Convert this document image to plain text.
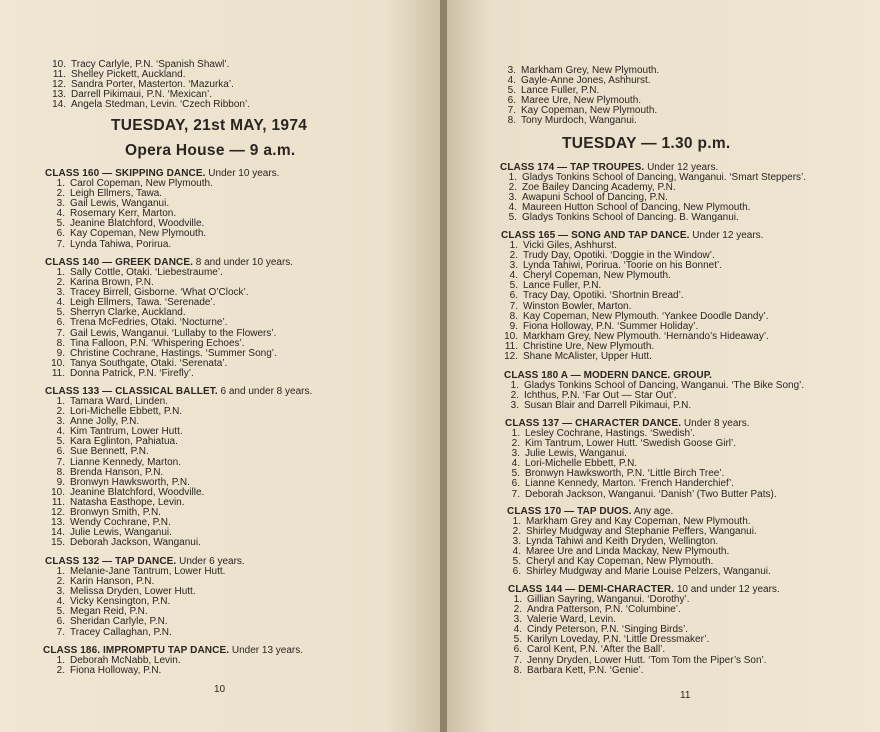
10. Tracy Carlyle, P.N. ‘Spanish Shawl’.
11. Shelley Pickett, Auckland.
12. Sandra Porter, Masterton. ‘Mazurka’.
13. Darrell Pikimaui, P.N. ‘Mexican’.
14. Angela Stedman, Levin. ‘Czech Ribbon’.
TUESDAY, 21st MAY, 1974
Opera House — 9 a.m.
CLASS 160 — SKIPPING DANCE. Under 10 years.
1. Carol Copeman, New Plymouth.
2. Leigh Ellmers, Tawa.
3. Gail Lewis, Wanganui.
4. Rosemary Kerr, Marton.
5. Jeanine Blatchford, Woodville.
6. Kay Copeman, New Plymouth.
7. Lynda Tahiwa, Porirua.
CLASS 140 — GREEK DANCE. 8 and under 10 years.
1. Sally Cottle, Otaki. ‘Liebestraume’.
2. Karina Brown, P.N.
3. Tracey Birrell, Gisborne. ‘What O’Clock’.
4. Leigh Ellmers, Tawa. ‘Serenade’.
5. Sherryn Clarke, Auckland.
6. Trena McFedries, Otaki. ‘Nocturne’.
7. Gail Lewis, Wanganui. ‘Lullaby to the Flowers’.
8. Tina Falloon, P.N. ‘Whispering Echoes’.
9. Christine Cochrane, Hastings. ‘Summer Song’.
10. Tanya Southgate, Otaki. ‘Serenata’.
11. Donna Patrick, P.N. ‘Firefly’.
CLASS 133 — CLASSICAL BALLET. 6 and under 8 years.
1. Tamara Ward, Linden.
2. Lori-Michelle Ebbett, P.N.
3. Anne Jolly, P.N.
4. Kim Tantrum, Lower Hutt.
5. Kara Eglinton, Pahiatua.
6. Sue Bennett, P.N.
7. Lianne Kennedy, Marton.
8. Brenda Hanson, P.N.
9. Bronwyn Hawksworth, P.N.
10. Jeanine Blatchford, Woodville.
11. Natasha Easthope, Levin.
12. Bronwyn Smith, P.N.
13. Wendy Cochrane, P.N.
14. Julie Lewis, Wanganui.
15. Deborah Jackson, Wanganui.
CLASS 132 — TAP DANCE. Under 6 years.
1. Melanie-Jane Tantrum, Lower Hutt.
2. Karin Hanson, P.N.
3. Melissa Dryden, Lower Hutt.
4. Vicky Kensington, P.N.
5. Megan Reid, P.N.
6. Sheridan Carlyle, P.N.
7. Tracey Callaghan, P.N.
CLASS 186. IMPROMPTU TAP DANCE. Under 13 years.
1. Deborah McNabb, Levin.
2. Fiona Holloway, P.N.
10
3. Markham Grey, New Plymouth.
4. Gayle-Anne Jones, Ashhurst.
5. Lance Fuller, P.N.
6. Maree Ure, New Plymouth.
7. Kay Copeman, New Plymouth.
8. Tony Murdoch, Wanganui.
TUESDAY — 1.30 p.m.
CLASS 174 — TAP TROUPES. Under 12 years.
1. Gladys Tonkins School of Dancing, Wanganui. ‘Smart Steppers’.
2. Zoe Bailey Dancing Academy, P.N.
3. Awapuni School of Dancing, P.N.
4. Maureen Hutton School of Dancing, New Plymouth.
5. Gladys Tonkins School of Dancing. B. Wanganui.
CLASS 165 — SONG AND TAP DANCE. Under 12 years.
1. Vicki Giles, Ashhurst.
2. Trudy Day, Opotiki. ‘Doggie in the Window’.
3. Lynda Tahiwi, Porirua. ‘Toorie on his Bonnet’.
4. Cheryl Copeman, New Plymouth.
5. Lance Fuller, P.N.
6. Tracy Day, Opotiki. ‘Shortnin Bread’.
7. Winston Bowler, Marton.
8. Kay Copeman, New Plymouth. ‘Yankee Doodle Dandy’.
9. Fiona Holloway, P.N. ‘Summer Holiday’.
10. Markham Grey, New Plymouth. ‘Hernando’s Hideaway’.
11. Christine Ure, New Plymouth.
12. Shane McAlister, Upper Hutt.
CLASS 180 A — MODERN DANCE. GROUP.
1. Gladys Tonkins School of Dancing, Wanganui. ‘The Bike Song’.
2. Ichthus, P.N. ‘Far Out — Star Out’.
3. Susan Blair and Darrell Pikimaui, P.N.
CLASS 137 — CHARACTER DANCE. Under 8 years.
1. Lesley Cochrane, Hastings. ‘Swedish’.
2. Kim Tantrum, Lower Hutt. ‘Swedish Goose Girl’.
3. Julie Lewis, Wanganui.
4. Lori-Michelle Ebbett, P.N.
5. Bronwyn Hawksworth, P.N. ‘Little Birch Tree’.
6. Lianne Kennedy, Marton. ‘French Handerchief’.
7. Deborah Jackson, Wanganui. ‘Danish’ (Two Butter Pats).
CLASS 170 — TAP DUOS. Any age.
1. Markham Grey and Kay Copeman, New Plymouth.
2. Shirley Mudgway and Stephanie Peffers, Wanganui.
3. Lynda Tahiwi and Keith Dryden, Wellington.
4. Maree Ure and Linda Mackay, New Plymouth.
5. Cheryl and Kay Copeman, New Plymouth.
6. Shirley Mudgway and Marie Louise Pelzers, Wanganui.
CLASS 144 — DEMI-CHARACTER. 10 and under 12 years.
1. Gillian Sayring, Wanganui. ‘Dorothy’.
2. Andra Patterson, P.N. ‘Columbine’.
3. Valerie Ward, Levin.
4. Cindy Peterson, P.N. ‘Singing Birds’.
5. Karilyn Loveday, P.N. ‘Little Dressmaker’.
6. Carol Kent, P.N. ‘After the Ball’.
7. Jenny Dryden, Lower Hutt. ‘Tom Tom the Piper’s Son’.
8. Barbara Kett, P.N. ‘Genie’.
11
